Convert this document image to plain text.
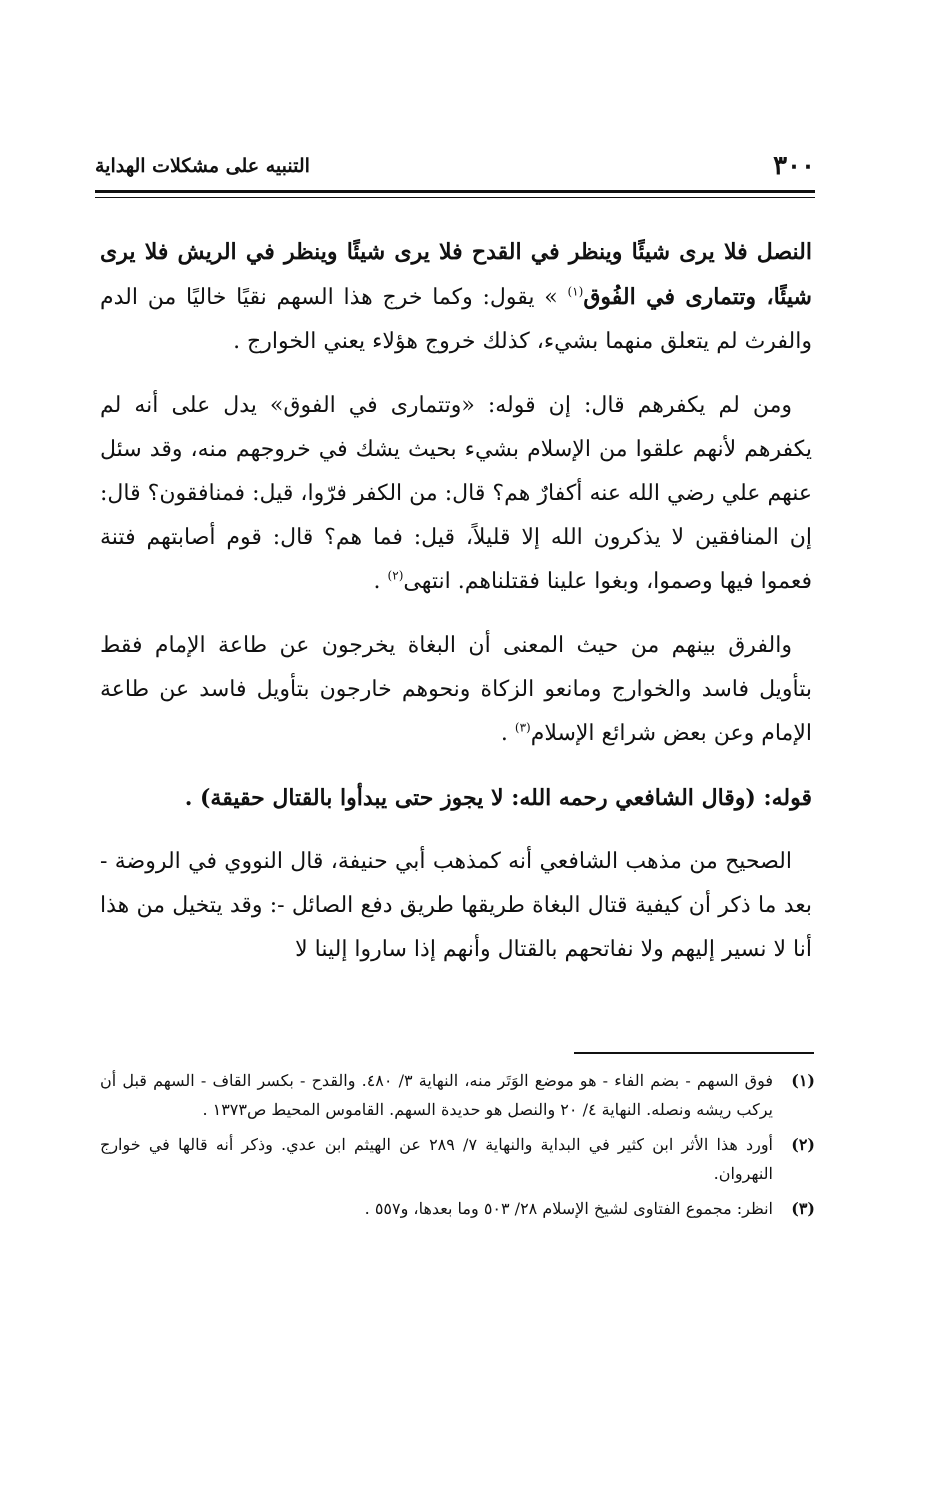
٣٠٠
التنبيه على مشكلات الهداية

النصل فلا يرى شيئًا وينظر في القدح فلا يرى شيئًا وينظر في الريش فلا يرى شيئًا، وتتمارى في الفُوق$^{(١)}$ » يقول: وكما خرج هذا السهم نقيًا خاليًا من الدم والفرث لم يتعلق منهما بشيء، كذلك خروج هؤلاء يعني الخوارج .

ومن لم يكفرهم قال: إن قوله: «وتتمارى في الفوق» يدل على أنه لم يكفرهم لأنهم علقوا من الإسلام بشيء بحيث يشك في خروجهم منه، وقد سئل عنهم علي رضي الله عنه أكفارٌ هم؟ قال: من الكفر فرّوا، قيل: فمنافقون؟ قال: إن المنافقين لا يذكرون الله إلا قليلاً، قيل: فما هم؟ قال: قوم أصابتهم فتنة فعموا فيها وصموا، وبغوا علينا فقتلناهم. انتهى$^{(٢)}$ .

والفرق بينهم من حيث المعنى أن البغاة يخرجون عن طاعة الإمام فقط بتأويل فاسد والخوارج ومانعو الزكاة ونحوهم خارجون بتأويل فاسد عن طاعة الإمام وعن بعض شرائع الإسلام$^{(٣)}$ .

قوله: (وقال الشافعي رحمه الله: لا يجوز حتى يبدأوا بالقتال حقيقة) .

الصحيح من مذهب الشافعي أنه كمذهب أبي حنيفة، قال النووي في الروضة - بعد ما ذكر أن كيفية قتال البغاة طريقها طريق دفع الصائل -: وقد يتخيل من هذا أنا لا نسير إليهم ولا نفاتحهم بالقتال وأنهم إذا ساروا إلينا لا

(١)
فوق السهم - بضم الفاء - هو موضع الوَتَر منه، النهاية ٣/ ٤٨٠. والقدح - بكسر القاف - السهم قبل أن يركب ريشه ونصله. النهاية ٤/ ٢٠ والنصل هو حديدة السهم. القاموس المحيط ص١٣٧٣ .
(٢)
أورد هذا الأثر ابن كثير في البداية والنهاية ٧/ ٢٨٩ عن الهيثم ابن عدي. وذكر أنه قالها في خوارج النهروان.
(٣)
انظر: مجموع الفتاوى لشيخ الإسلام ٢٨/ ٥٠٣ وما بعدها، و٥٥٧ .
